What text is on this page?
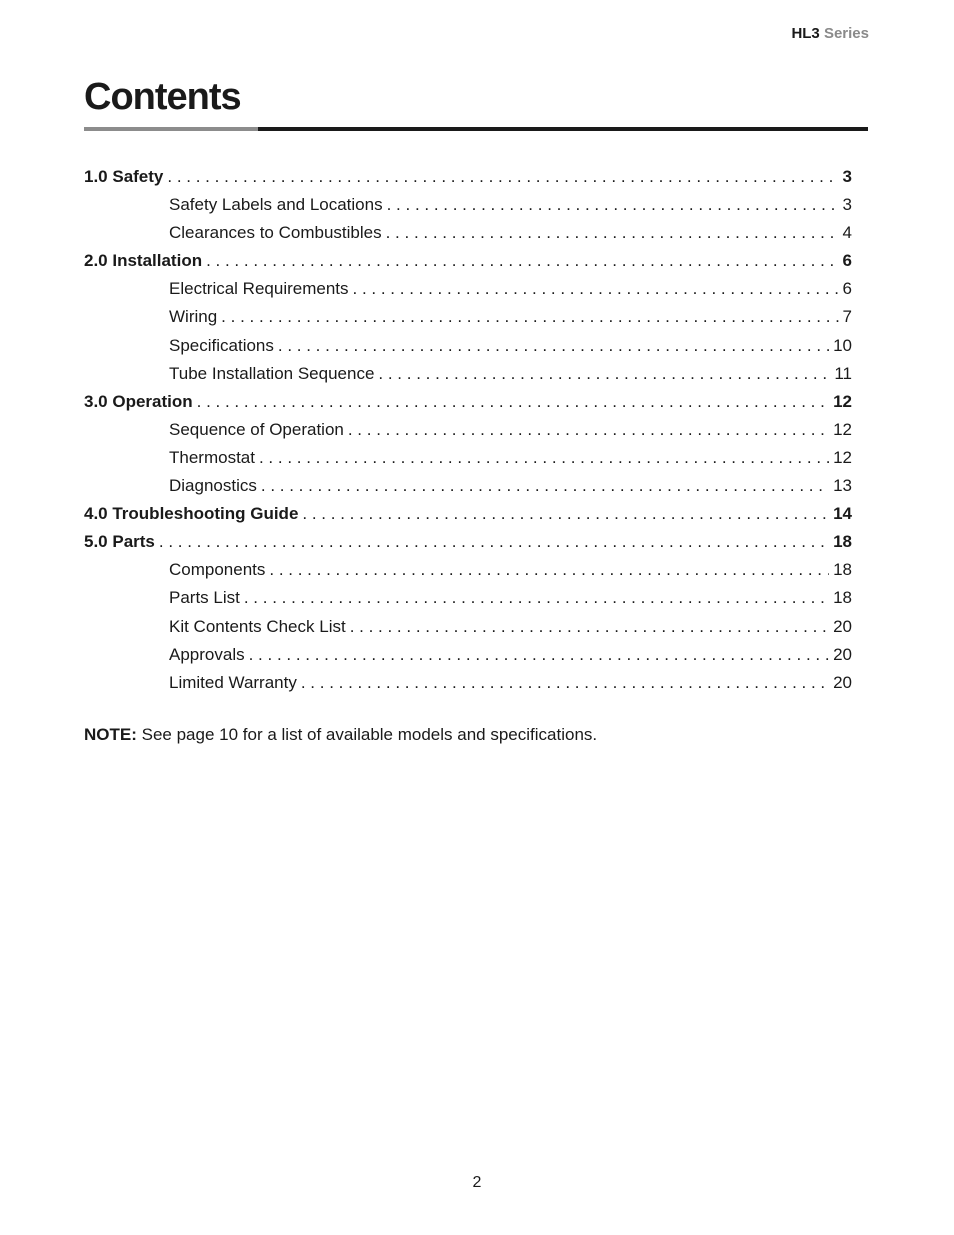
HL3 Series
Contents
1.0 Safety . . .	3
Safety Labels and Locations . . .	3
Clearances to Combustibles . . .	4
2.0 Installation . . .	6
Electrical Requirements . . .	6
Wiring . . .	7
Specifications . . .	10
Tube Installation Sequence . . .	11
3.0 Operation . . .	12
Sequence of Operation . . .	12
Thermostat . . .	12
Diagnostics . . .	13
4.0 Troubleshooting Guide . . .	14
5.0 Parts . . .	18
Components . . .	18
Parts List . . .	18
Kit Contents Check List . . .	20
Approvals . . .	20
Limited Warranty . . .	20
NOTE: See page 10 for a list of available models and specifications.
2
